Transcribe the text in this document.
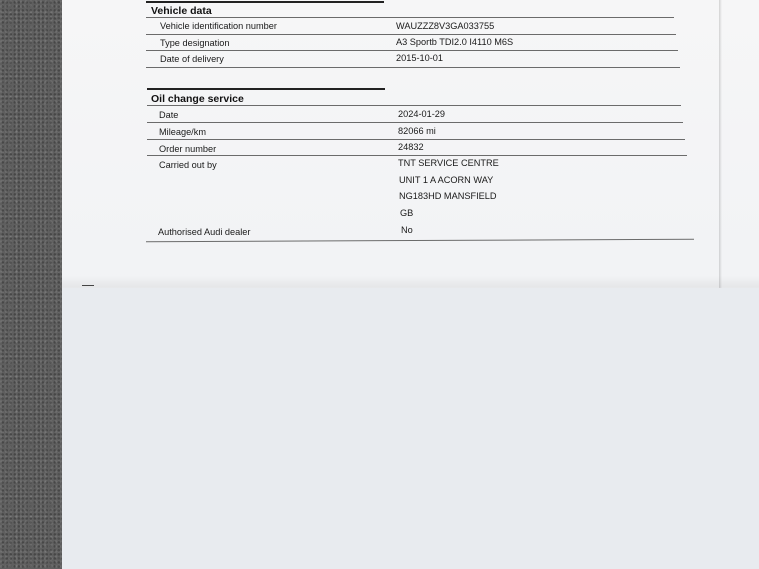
Vehicle data
Vehicle identification number	WAUZZZ8V3GA033755
Type designation	A3 Sportb TDI2.0 I4110 M6S
Date of delivery	2015-10-01
Oil change service
Date	2024-01-29
Mileage/km	82066 mi
Order number	24832
Carried out by	TNT SERVICE CENTRE
UNIT 1 A ACORN WAY
NG183HD MANSFIELD
GB
Authorised Audi dealer	No
